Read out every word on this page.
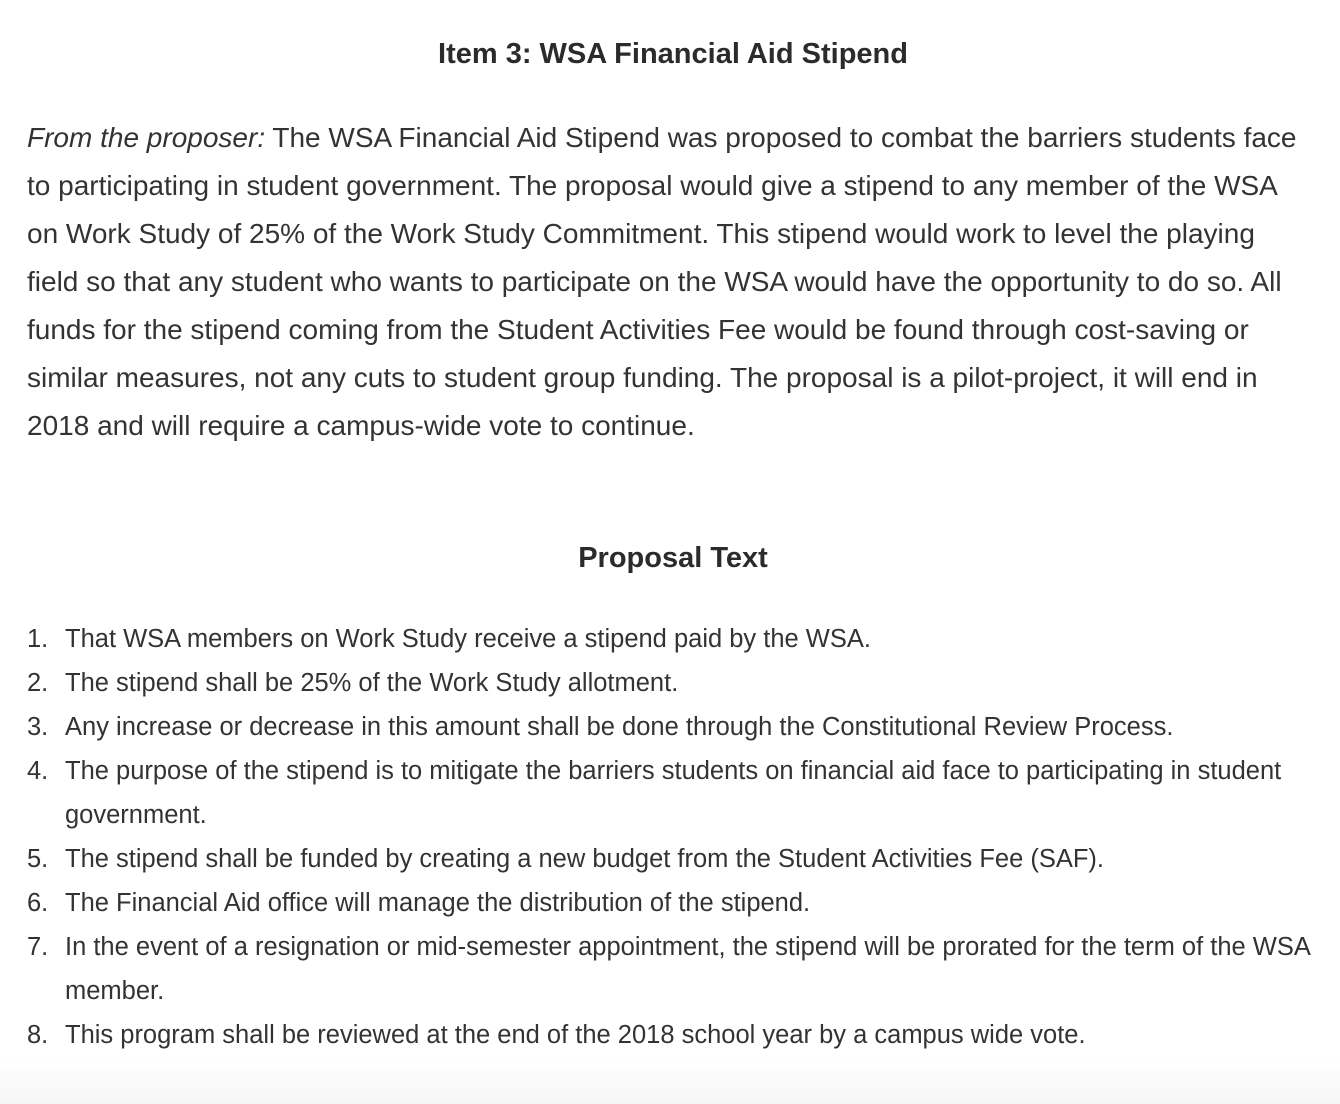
Item 3: WSA Financial Aid Stipend

From the proposer: The WSA Financial Aid Stipend was proposed to combat the barriers students face to participating in student government. The proposal would give a stipend to any member of the WSA on Work Study of 25% of the Work Study Commitment. This stipend would work to level the playing field so that any student who wants to participate on the WSA would have the opportunity to do so. All funds for the stipend coming from the Student Activities Fee would be found through cost-saving or similar measures, not any cuts to student group funding. The proposal is a pilot-project, it will end in 2018 and will require a campus-wide vote to continue.

Proposal Text
1. That WSA members on Work Study receive a stipend paid by the WSA.
2. The stipend shall be 25% of the Work Study allotment.
3. Any increase or decrease in this amount shall be done through the Constitutional Review Process.
4. The purpose of the stipend is to mitigate the barriers students on financial aid face to participating in student government.
5. The stipend shall be funded by creating a new budget from the Student Activities Fee (SAF).
6. The Financial Aid office will manage the distribution of the stipend.
7. In the event of a resignation or mid-semester appointment, the stipend will be prorated for the term of the WSA member.
8. This program shall be reviewed at the end of the 2018 school year by a campus wide vote.
